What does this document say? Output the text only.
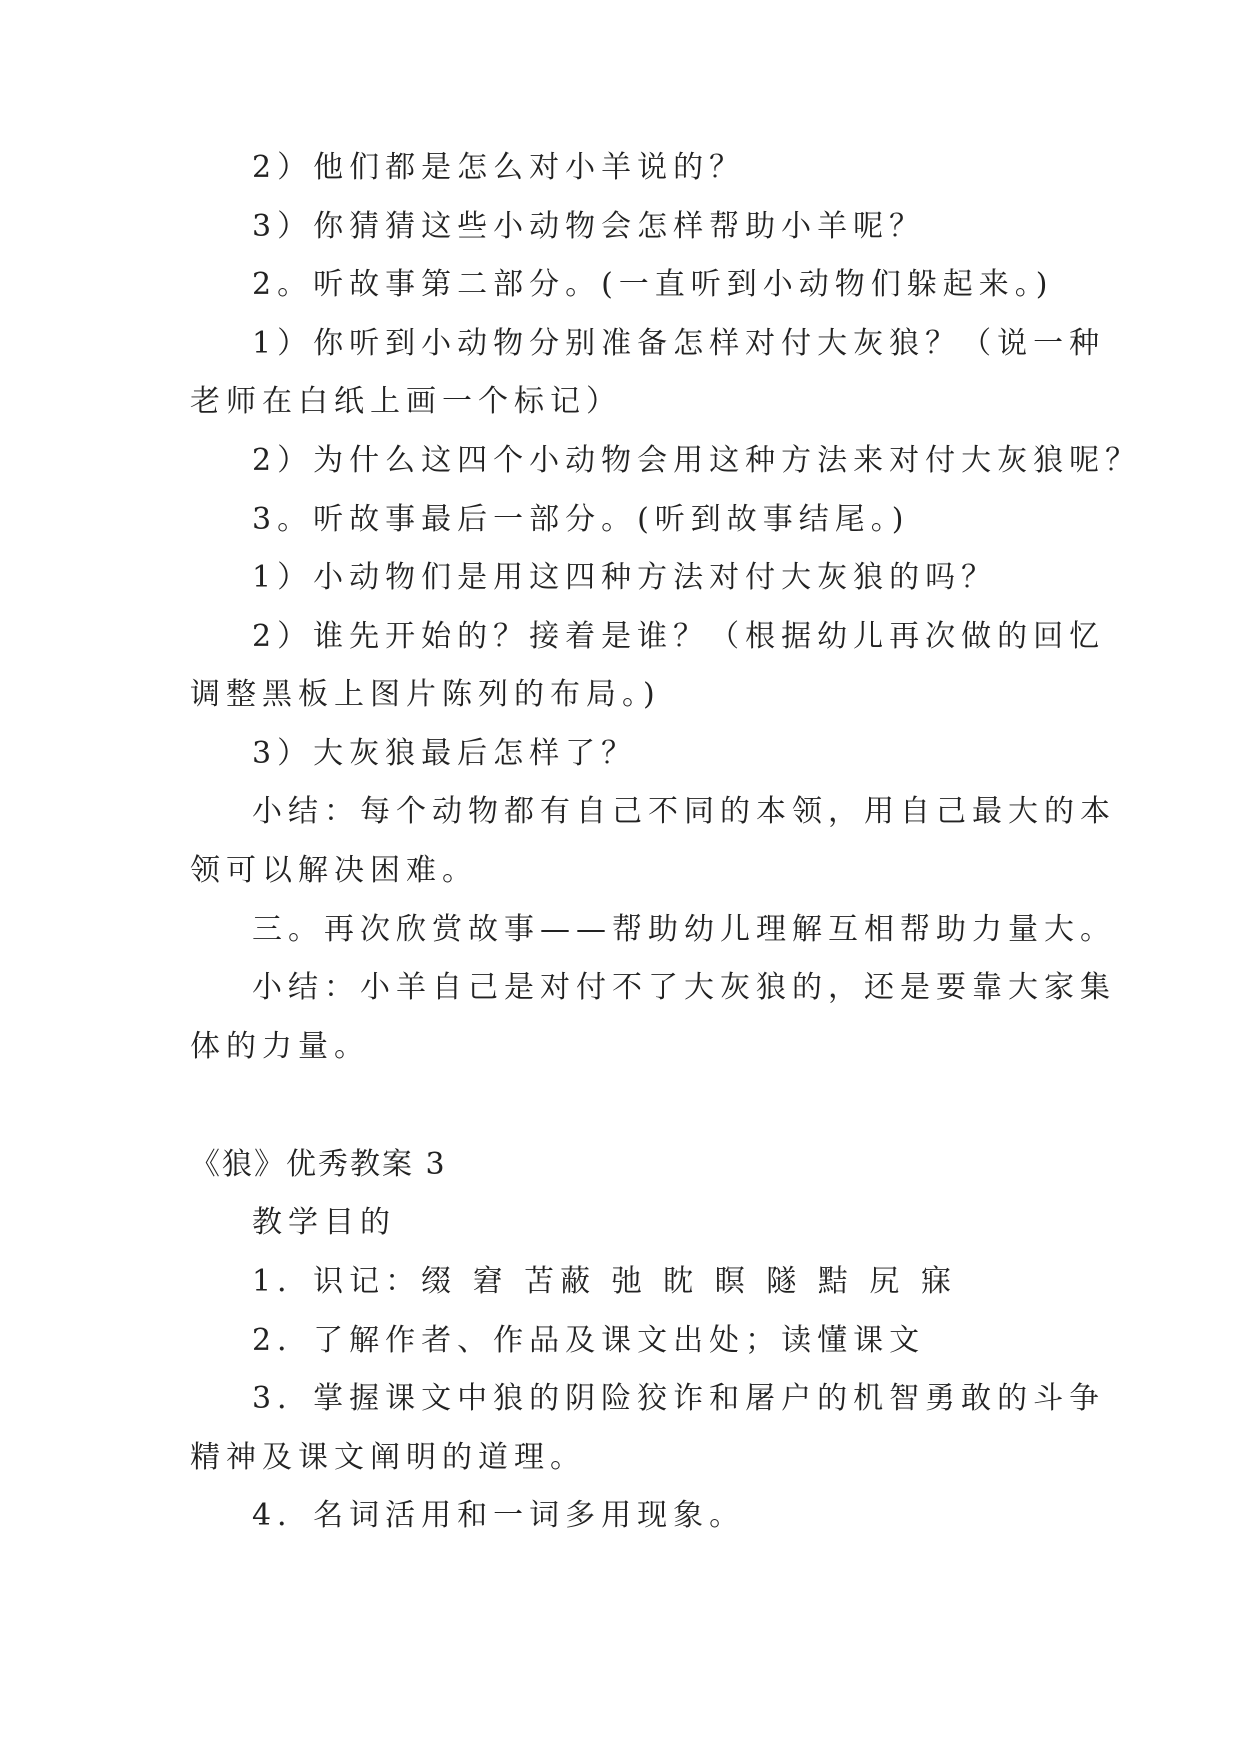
2）他们都是怎么对小羊说的？
3）你猜猜这些小动物会怎样帮助小羊呢？
2。听故事第二部分。(一直听到小动物们躲起来。)
1）你听到小动物分别准备怎样对付大灰狼？（说一种
老师在白纸上画一个标记）
2）为什么这四个小动物会用这种方法来对付大灰狼呢？
3。听故事最后一部分。(听到故事结尾。)
1）小动物们是用这四种方法对付大灰狼的吗？
2）谁先开始的？接着是谁？（根据幼儿再次做的回忆
调整黑板上图片陈列的布局。)
3）大灰狼最后怎样了？
小结：每个动物都有自己不同的本领，用自己最大的本
领可以解决困难。
三。再次欣赏故事——帮助幼儿理解互相帮助力量大。
小结：小羊自己是对付不了大灰狼的，还是要靠大家集
体的力量。
《狼》优秀教案 3
教学目的
1．识记：缀 窘 苫蔽 弛 眈 瞑 隧 黠 尻 寐
2．了解作者、作品及课文出处；读懂课文
3．掌握课文中狼的阴险狡诈和屠户的机智勇敢的斗争
精神及课文阐明的道理。
4．名词活用和一词多用现象。
